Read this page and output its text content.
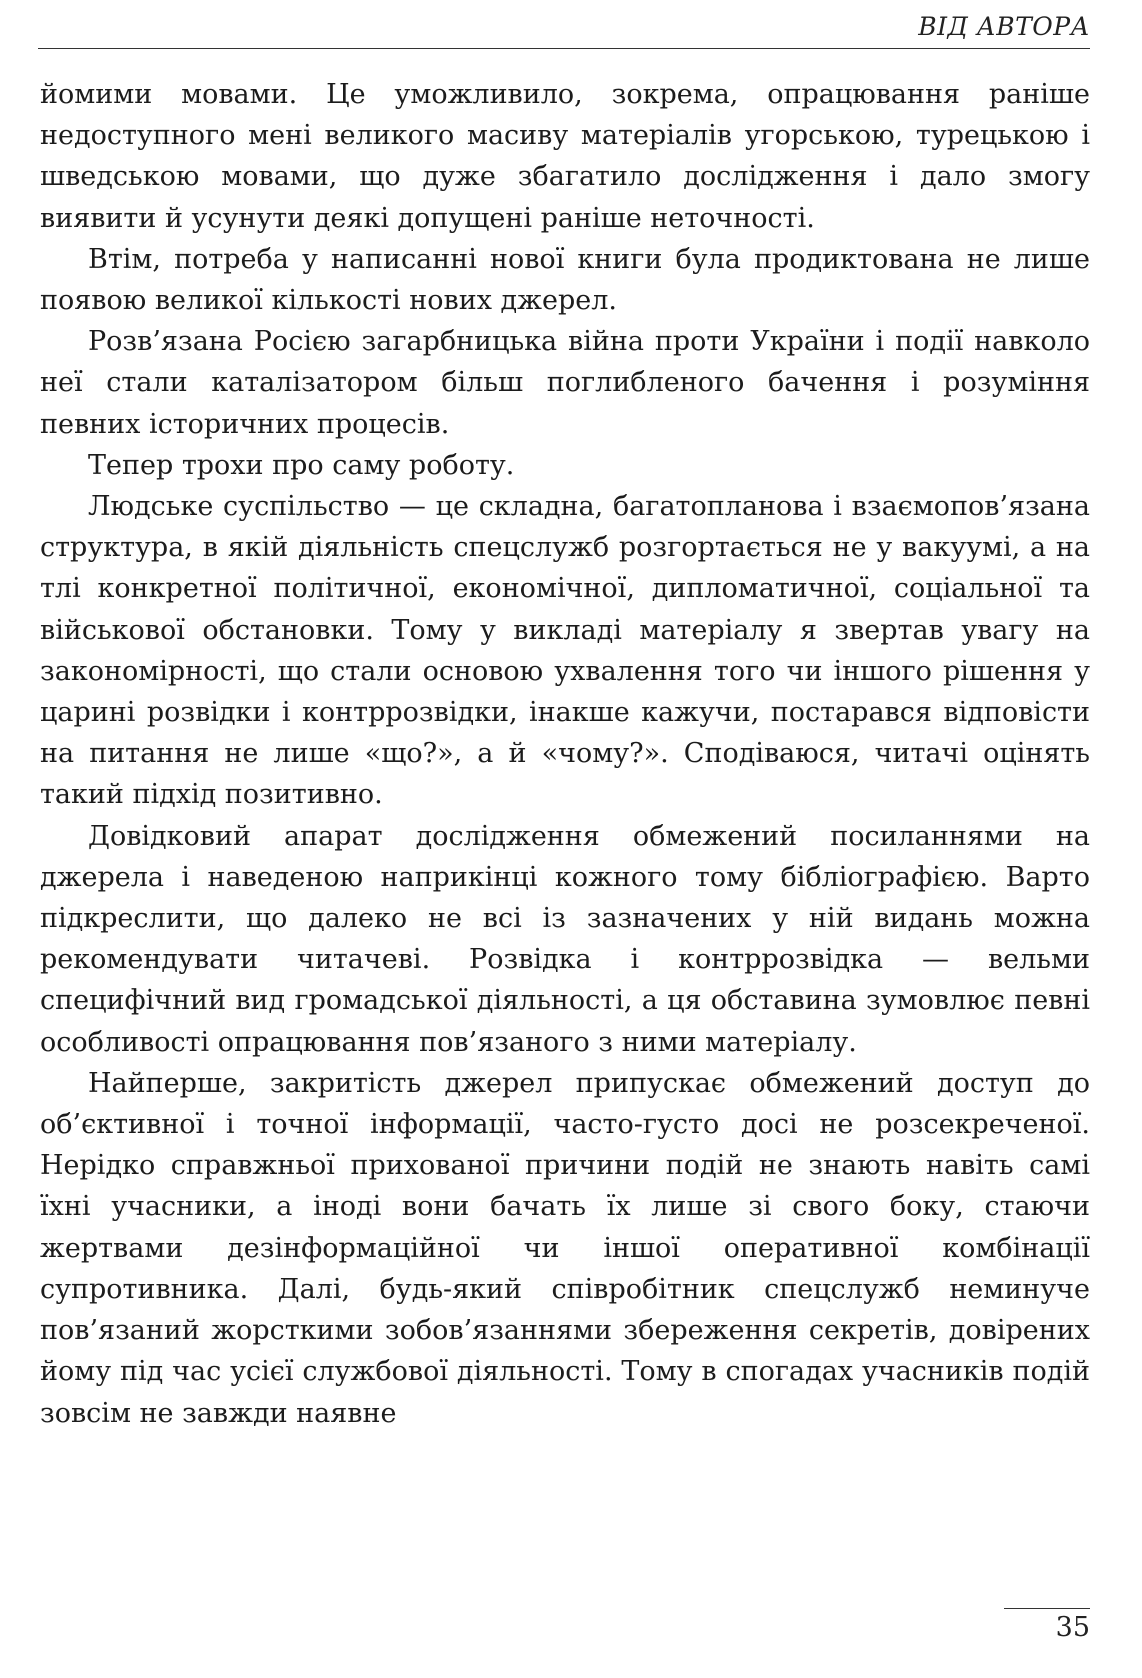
ВІД АВТОРА

йомими мовами. Це уможливило, зокрема, опрацювання раніше недоступного мені великого масиву матеріалів угорською, турецькою і шведською мовами, що дуже збагатило дослідження і дало змогу виявити й усунути деякі допущені раніше неточності.

Втім, потреба у написанні нової книги була продиктована не лише появою великої кількості нових джерел.

Розв’язана Росією загарбницька війна проти України і події навколо неї стали каталізатором більш поглибленого бачення і розуміння певних історичних процесів.

Тепер трохи про саму роботу.

Людське суспільство — це складна, багатопланова і взаємопов’язана структура, в якій діяльність спецслужб розгортається не у вакуумі, а на тлі конкретної політичної, економічної, дипломатичної, соціальної та військової обстановки. Тому у викладі матеріалу я звертав увагу на закономірності, що стали основою ухвалення того чи іншого рішення у царині розвідки і контррозвідки, інакше кажучи, постарався відповісти на питання не лише «що?», а й «чому?». Сподіваюся, читачі оцінять такий підхід позитивно.

Довідковий апарат дослідження обмежений посиланнями на джерела і наведеною наприкінці кожного тому бібліографією. Варто підкреслити, що далеко не всі із зазначених у ній видань можна рекомендувати читачеві. Розвідка і контррозвідка — вельми специфічний вид громадської діяльності, а ця обставина зумовлює певні особливості опрацювання пов’язаного з ними матеріалу.

Найперше, закритість джерел припускає обмежений доступ до об’єктивної і точної інформації, часто-густо досі не розсекреченої. Нерідко справжньої прихованої причини подій не знають навіть самі їхні учасники, а іноді вони бачать їх лише зі свого боку, стаючи жертвами дезінформаційної чи іншої оперативної комбінації супротивника. Далі, будь-який співробітник спецслужб неминуче пов’язаний жорсткими зобов’язаннями збереження секретів, довірених йому під час усієї службової діяльності. Тому в спогадах учасників подій зовсім не завжди наявне

35
